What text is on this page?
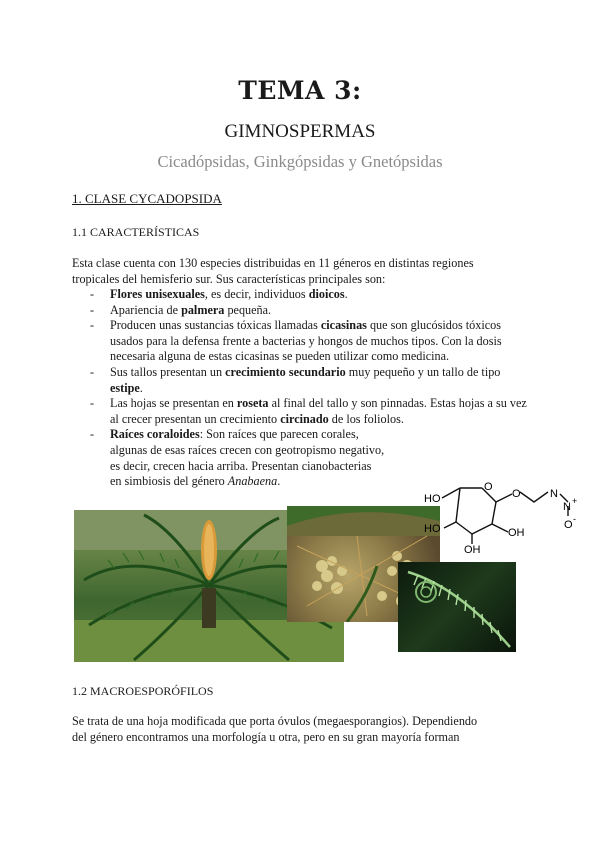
TEMA 3:
GIMNOSPERMAS
Cicadópsidas, Ginkgópsidas y Gnetópsidas
1. CLASE CYCADOPSIDA
1.1 CARACTERÍSTICAS
Esta clase cuenta con 130 especies distribuidas en 11 géneros en distintas regiones
tropicales del hemisferio sur. Sus características principales son:
- Flores unisexuales, es decir, individuos dioicos.
- Apariencia de palmera pequeña.
- Producen unas sustancias tóxicas llamadas cicasinas que son glucósidos tóxicos usados para la defensa frente a bacterias y hongos de muchos tipos. Con la dosis necesaria alguna de estas cicasinas se pueden utilizar como medicina.
- Sus tallos presentan un crecimiento secundario muy pequeño y un tallo de tipo estipe.
- Las hojas se presentan en roseta al final del tallo y son pinnadas. Estas hojas a su vez al crecer presentan un crecimiento circinado de los foliolos.
- Raíces coraloides: Son raíces que parecen corales, algunas de esas raíces crecen con geotropismo negativo, es decir, crecen hacia arriba. Presentan cianobacterias en simbiosis del género Anabaena.
HO
O
O	N
N +
O -
HO	OH
OH
1.2 MACROESPORÓFILOS
Se trata de una hoja modificada que porta óvulos (megaesporangios). Dependiendo
del género encontramos una morfología u otra, pero en su gran mayoría forman
